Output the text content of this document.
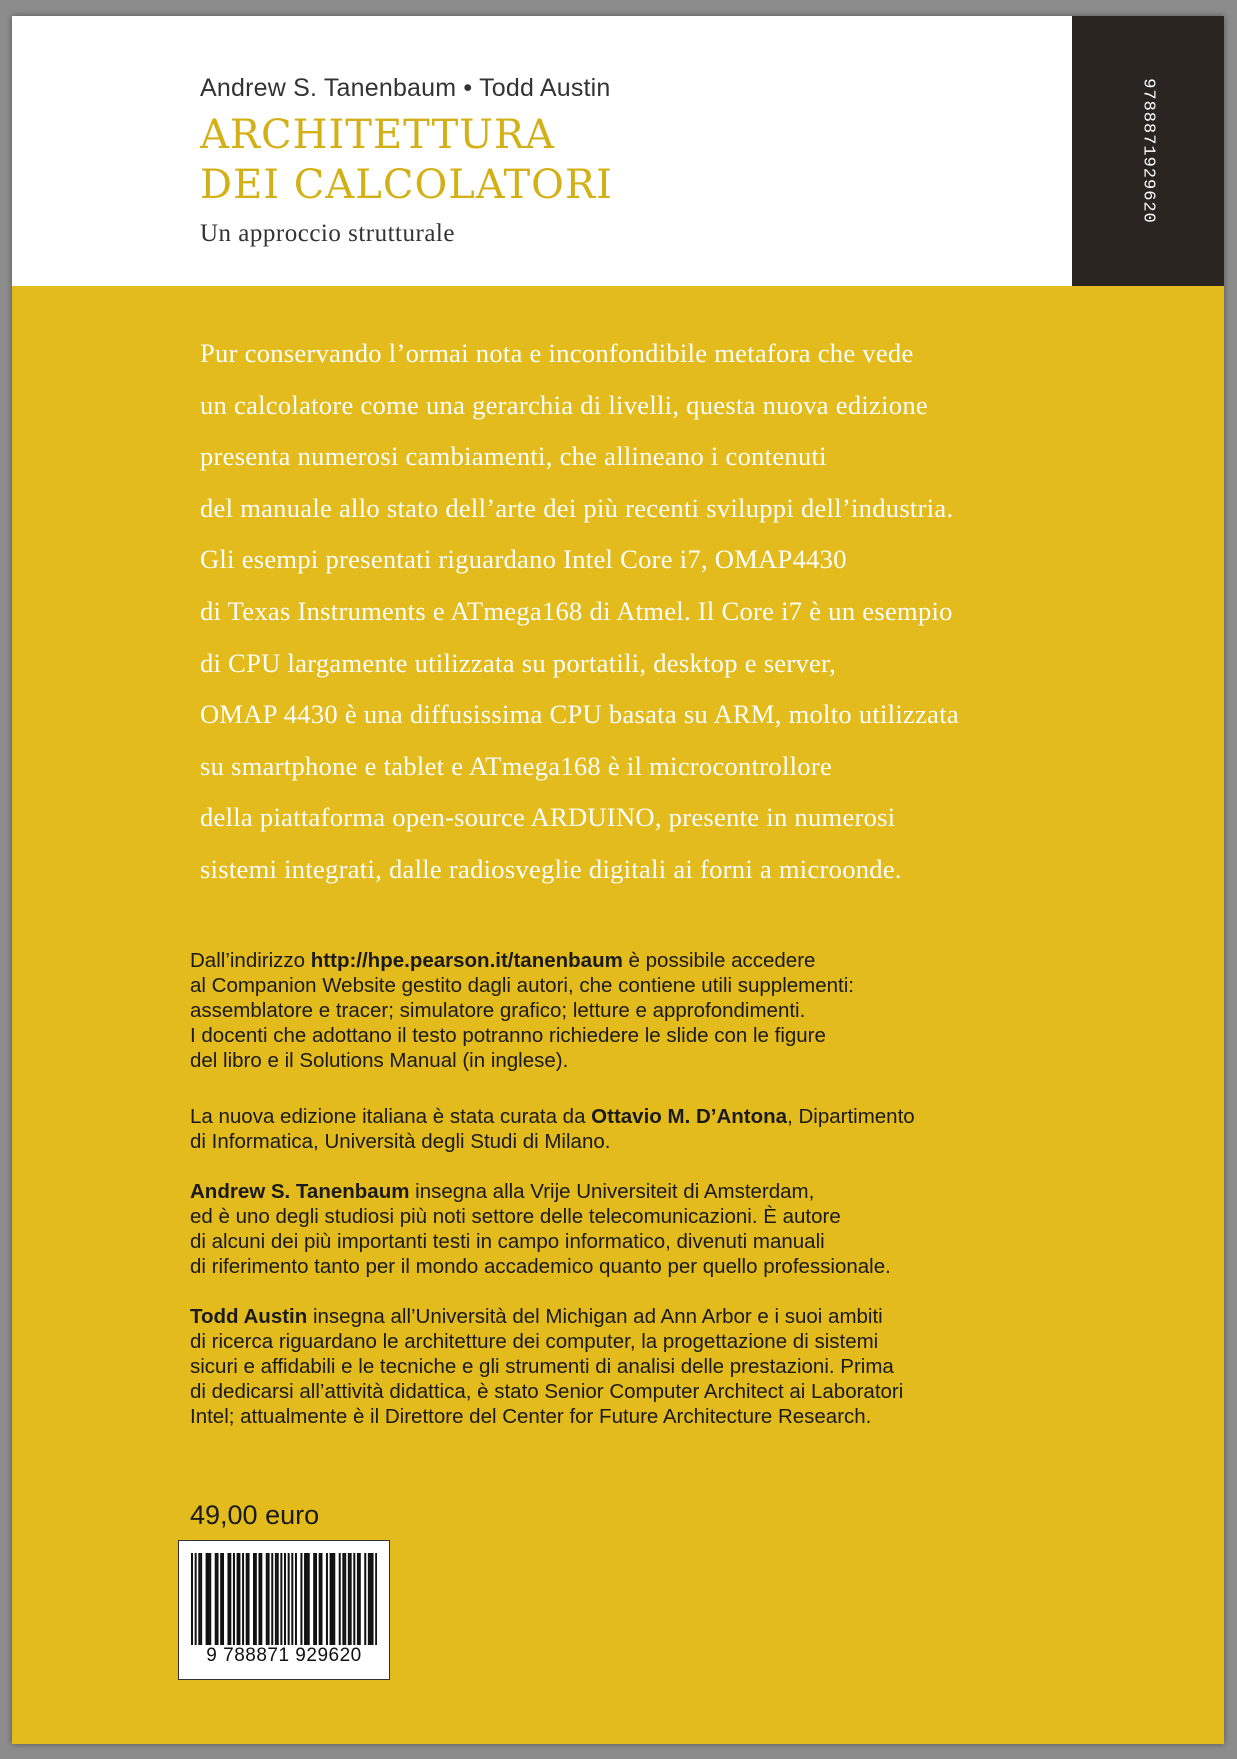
Andrew S. Tanenbaum • Todd Austin
ARCHITETTURA
DEI CALCOLATORI
Un approccio strutturale
9788871929620
Pur conservando l’ormai nota e inconfondibile metafora che vede
un calcolatore come una gerarchia di livelli, questa nuova edizione
presenta numerosi cambiamenti, che allineano i contenuti
del manuale allo stato dell’arte dei più recenti sviluppi dell’industria.
Gli esempi presentati riguardano Intel Core i7, OMAP4430
di Texas Instruments e ATmega168 di Atmel. Il Core i7 è un esempio
di CPU largamente utilizzata su portatili, desktop e server,
OMAP 4430 è una diffusissima CPU basata su ARM, molto utilizzata
su smartphone e tablet e ATmega168 è il microcontrollore
della piattaforma open-source ARDUINO, presente in numerosi
sistemi integrati, dalle radiosveglie digitali ai forni a microonde.
Dall’indirizzo http://hpe.pearson.it/tanenbaum è possibile accedere
al Companion Website gestito dagli autori, che contiene utili supplementi:
assemblatore e tracer; simulatore grafico; letture e approfondimenti.
I docenti che adottano il testo potranno richiedere le slide con le figure
del libro e il Solutions Manual (in inglese).
La nuova edizione italiana è stata curata da Ottavio M. D’Antona, Dipartimento
di Informatica, Università degli Studi di Milano.
Andrew S. Tanenbaum insegna alla Vrije Universiteit di Amsterdam,
ed è uno degli studiosi più noti settore delle telecomunicazioni. È autore
di alcuni dei più importanti testi in campo informatico, divenuti manuali
di riferimento tanto per il mondo accademico quanto per quello professionale.
Todd Austin insegna all’Università del Michigan ad Ann Arbor e i suoi ambiti
di ricerca riguardano le architetture dei computer, la progettazione di sistemi
sicuri e affidabili e le tecniche e gli strumenti di analisi delle prestazioni. Prima
di dedicarsi all’attività didattica, è stato Senior Computer Architect ai Laboratori
Intel; attualmente è il Direttore del Center for Future Architecture Research.
49,00 euro
9 788871 929620
